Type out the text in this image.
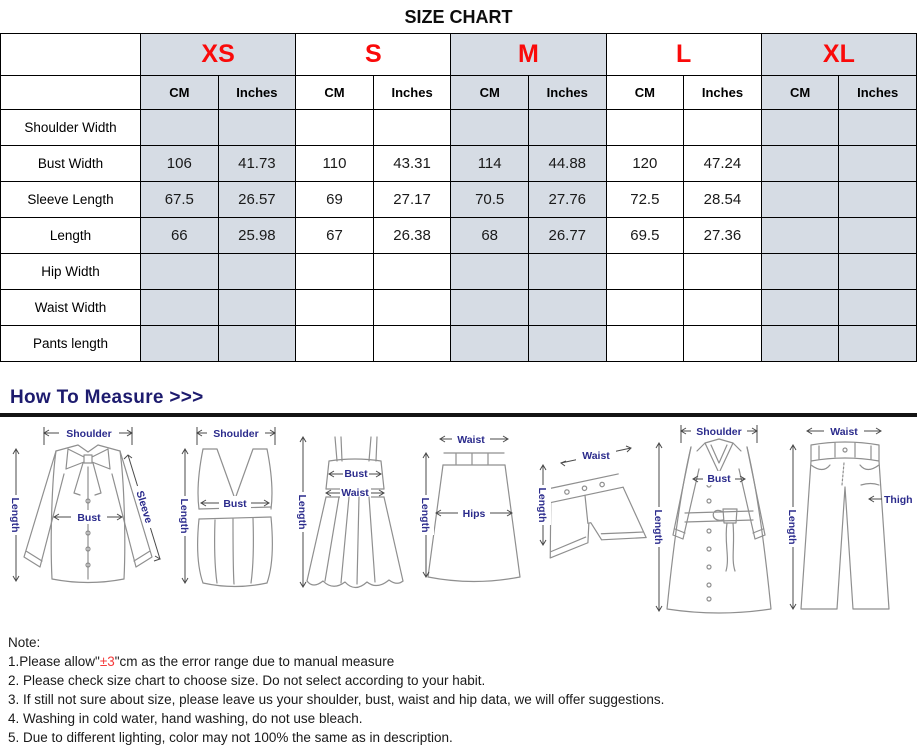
SIZE CHART
	XS		S		M		L		XL	
	CM	Inches	CM	Inches	CM	Inches	CM	Inches	CM	Inches
Shoulder Width										
Bust Width	106	41.73	110	43.31	114	44.88	120	47.24		
Sleeve Length	67.5	26.57	69	27.17	70.5	27.76	72.5	28.54		
Length	66	25.98	67	26.38	68	26.77	69.5	27.36		
Hip Width										
Waist Width										
Pants length										
How To Measure >>>
Shoulder
Length	Bust	Sleeve
Shoulder
Length	Bust
Bust
Waist
Length
Waist
Hips
Length
Waist
Length
Shoulder
Length
Bust
Waist
Length
Thigh
Note:
1.Please allow"±3"cm as the error range due to manual measure
2. Please check size chart to choose size. Do not select according to your habit.
3. If still not sure about size, please leave us your shoulder, bust, waist and hip data, we will offer suggestions.
4. Washing in cold water, hand washing, do not use bleach.
5. Due to different lighting, color may not 100% the same as in description.
